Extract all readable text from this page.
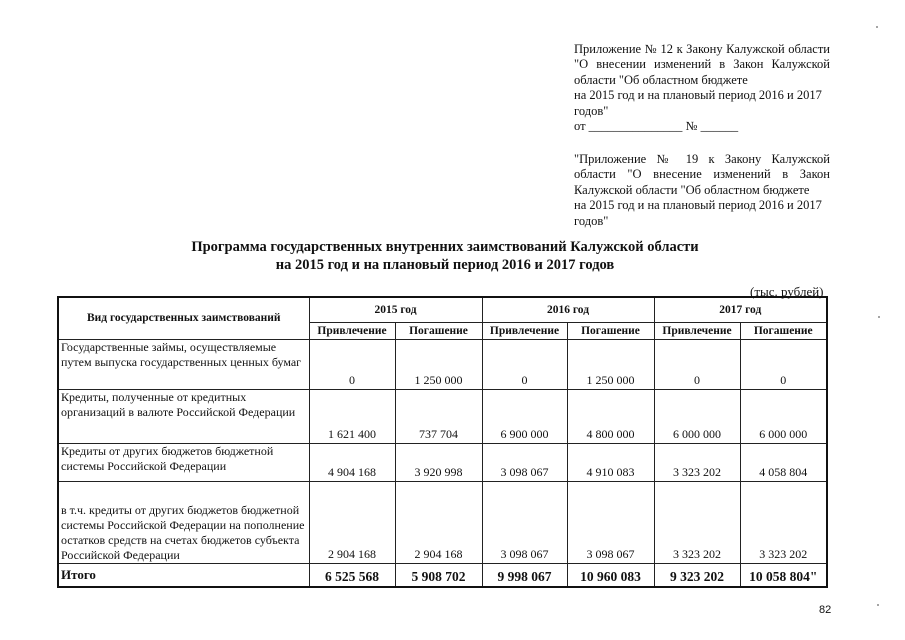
Приложение № 12 к Закону Калужской области "О внесении изменений в Закон Калужской области "Об областном бюджете
на 2015 год и на плановый период 2016 и 2017 годов"
от _______________ № ______
"Приложение № 19 к Закону Калужской области "О внесение изменений в Закон Калужской области "Об областном бюджете
на 2015 год и на плановый период 2016 и 2017 годов"
Программа государственных внутренних заимствований Калужской области
на 2015 год и на плановый период 2016 и 2017 годов
(тыс. рублей)
Вид государственных заимствований	2015 год		2016 год		2017 год	
	Привлечение	Погашение	Привлечение	Погашение	Привлечение	Погашение
Государственные займы, осуществляемые путем выпуска государственных ценных бумаг	0	1 250 000	0	1 250 000	0	0
Кредиты, полученные от кредитных организаций в валюте Российской Федерации	1 621 400	737 704	6 900 000	4 800 000	6 000 000	6 000 000
Кредиты от других бюджетов бюджетной системы Российской Федерации	4 904 168	3 920 998	3 098 067	4 910 083	3 323 202	4 058 804
в т.ч. кредиты от других бюджетов бюджетной системы Российской Федерации на пополнение остатков средств на счетах бюджетов субъекта Российской Федерации	2 904 168	2 904 168	3 098 067	3 098 067	3 323 202	3 323 202
Итого	6 525 568	5 908 702	9 998 067	10 960 083	9 323 202	10 058 804"
82
